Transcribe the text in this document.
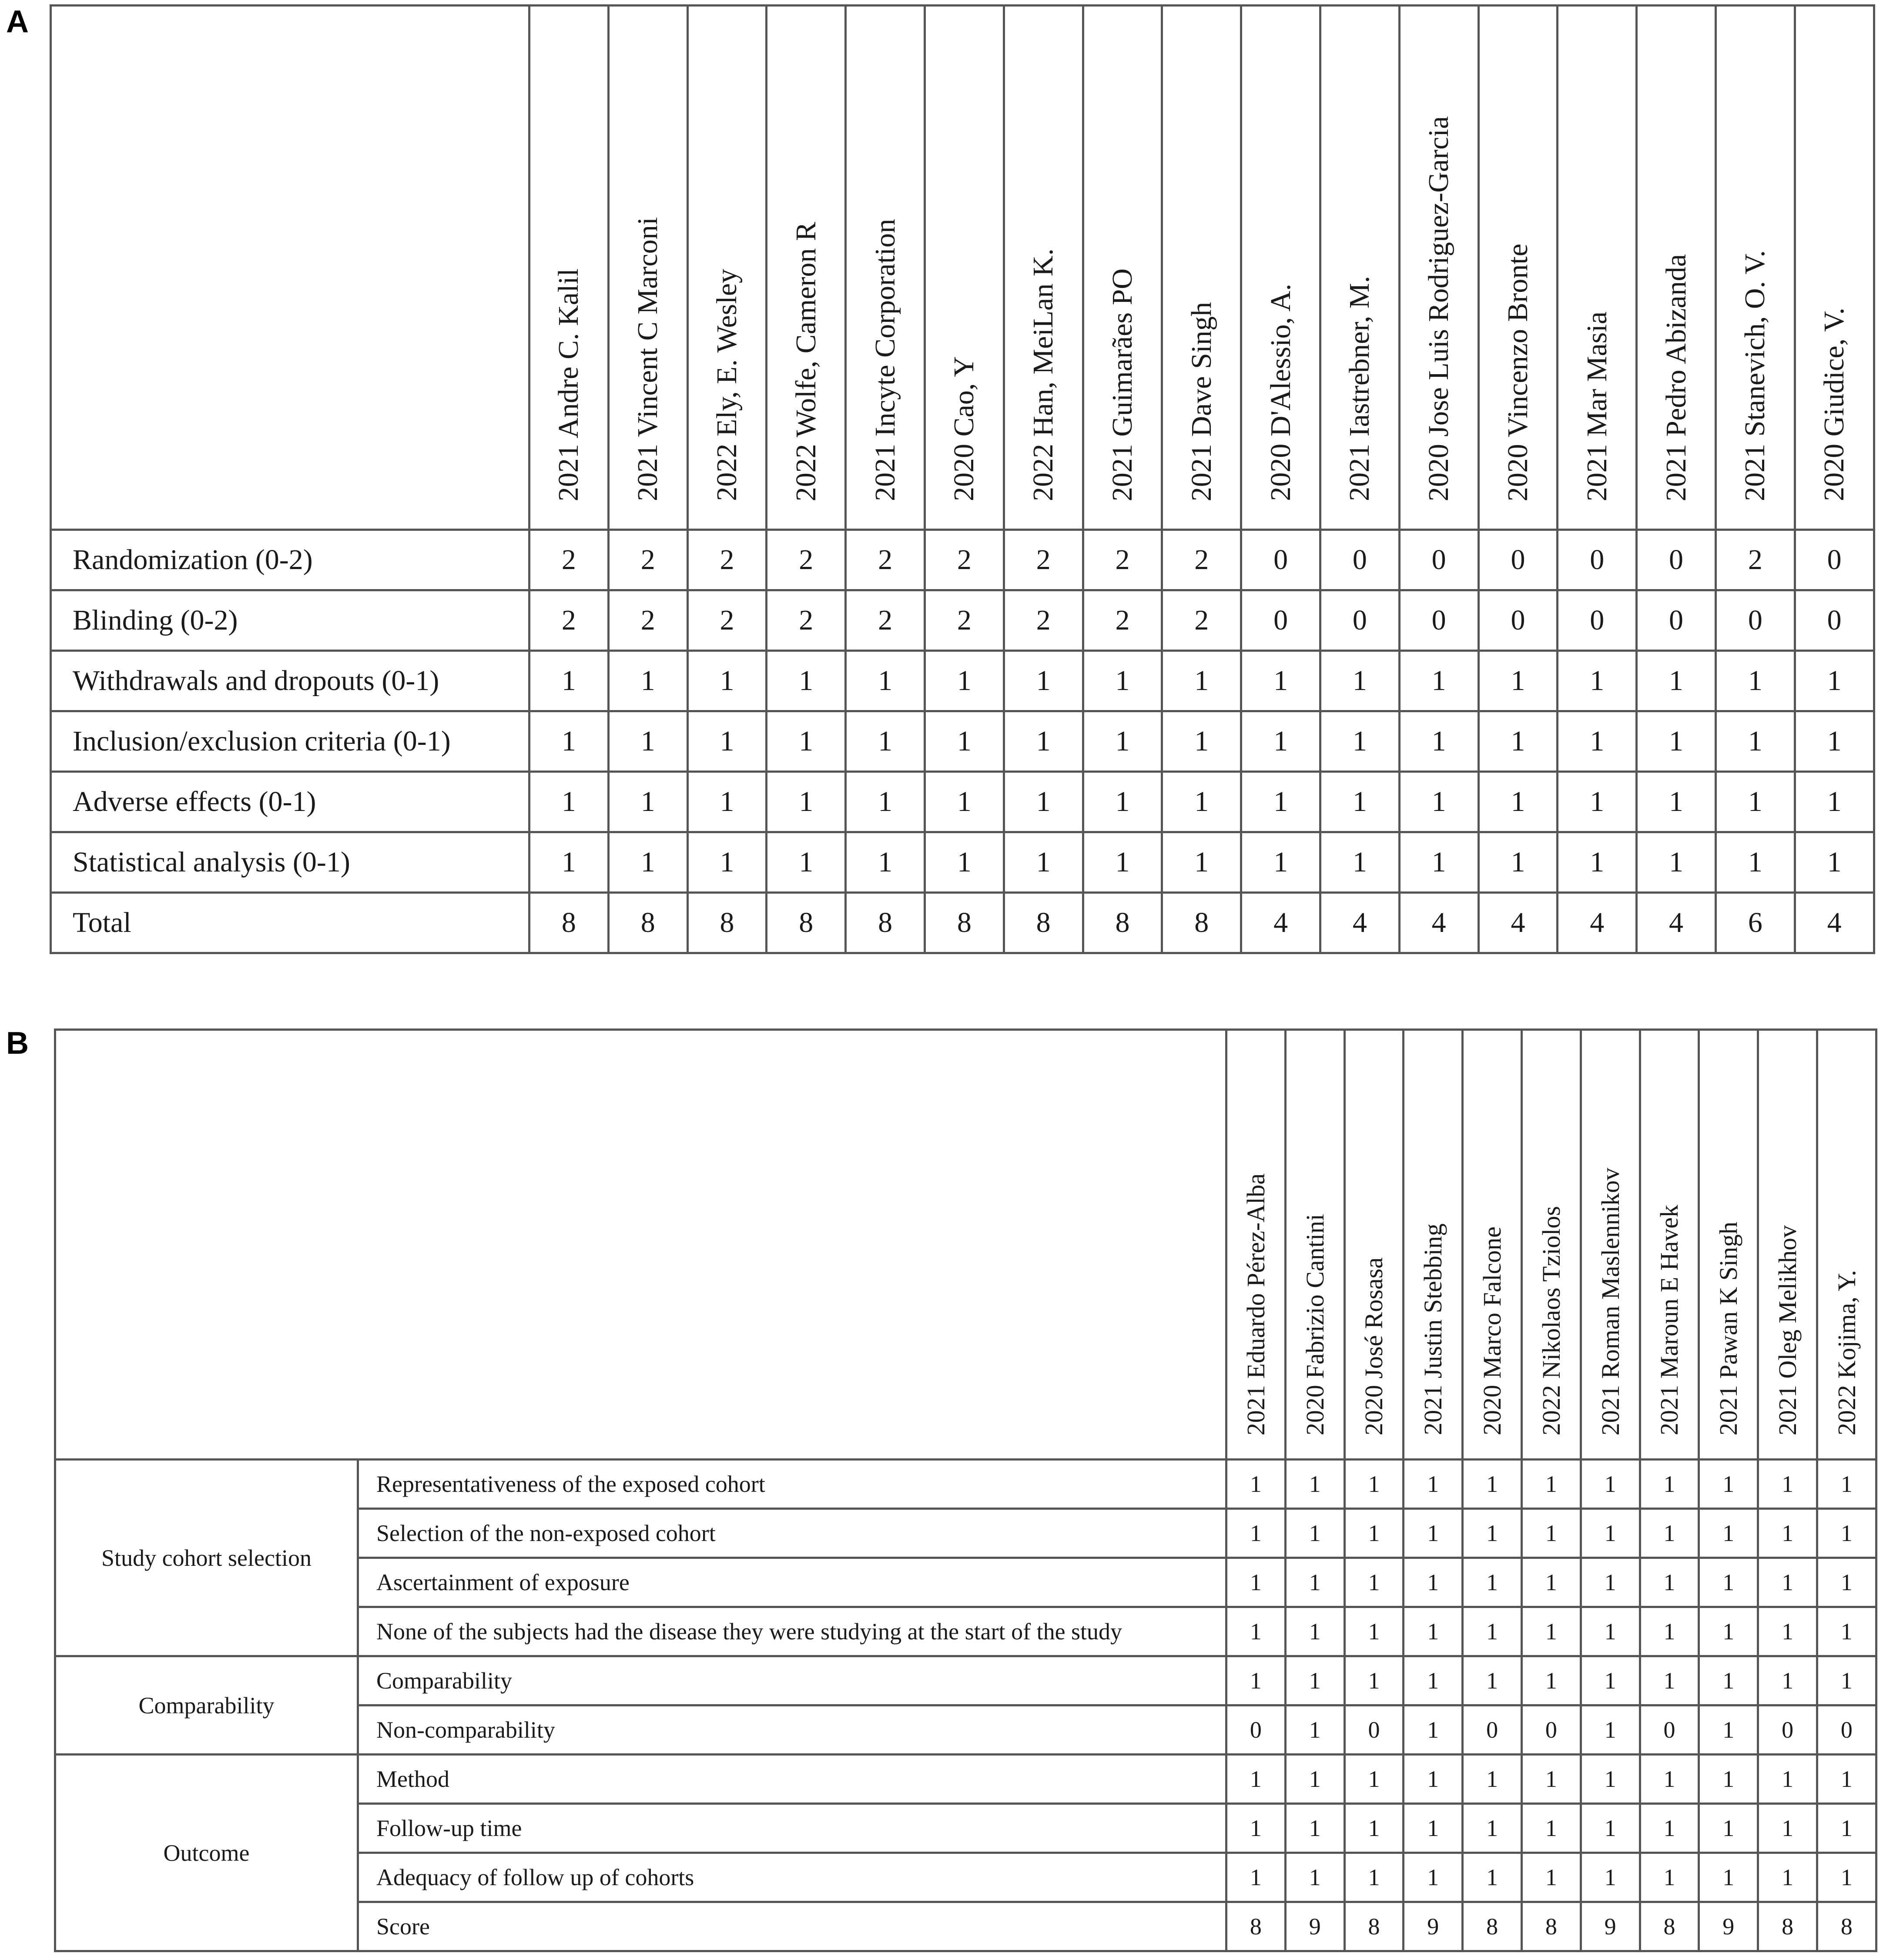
A
	2021 Andre C. Kalil	2021 Vincent C Marconi	2022 Ely, E. Wesley	2022 Wolfe, Cameron R	2021 Incyte Corporation	2020 Cao, Y	2022 Han, MeiLan K.	2021 Guimarães PO	2021 Dave Singh	2020 D'Alessio, A.	2021 Iastrebner, M.	2020 Jose Luis Rodriguez-Garcia	2020 Vincenzo Bronte	2021 Mar Masia	2021 Pedro Abizanda	2021 Stanevich, O. V.	2020 Giudice, V.
Randomization (0-2)	2	2	2	2	2	2	2	2	2	0	0	0	0	0	0	2	0
Blinding (0-2)	2	2	2	2	2	2	2	2	2	0	0	0	0	0	0	0	0
Withdrawals and dropouts (0-1)	1	1	1	1	1	1	1	1	1	1	1	1	1	1	1	1	1
Inclusion/exclusion criteria (0-1)	1	1	1	1	1	1	1	1	1	1	1	1	1	1	1	1	1
Adverse effects (0-1)	1	1	1	1	1	1	1	1	1	1	1	1	1	1	1	1	1
Statistical analysis (0-1)	1	1	1	1	1	1	1	1	1	1	1	1	1	1	1	1	1
Total	8	8	8	8	8	8	8	8	8	4	4	4	4	4	4	6	4
B
		2021 Eduardo Pérez-Alba	2020 Fabrizio Cantini	2020 José Rosasa	2021 Justin Stebbing	2020 Marco Falcone	2022 Nikolaos Tziolos	2021 Roman Maslennikov	2021 Maroun E Havek	2021 Pawan K Singh	2021 Oleg Melikhov	2022 Kojima, Y.
Study cohort selection	Representativeness of the exposed cohort	1	1	1	1	1	1	1	1	1	1	1
	Selection of the non-exposed cohort	1	1	1	1	1	1	1	1	1	1	1
	Ascertainment of exposure	1	1	1	1	1	1	1	1	1	1	1
	None of the subjects had the disease they were studying at the start of the study	1	1	1	1	1	1	1	1	1	1	1
Comparability	Comparability	1	1	1	1	1	1	1	1	1	1	1
	Non-comparability	0	1	0	1	0	0	1	0	1	0	0
Outcome	Method	1	1	1	1	1	1	1	1	1	1	1
	Follow-up time	1	1	1	1	1	1	1	1	1	1	1
	Adequacy of follow up of cohorts	1	1	1	1	1	1	1	1	1	1	1
	Score	8	9	8	9	8	8	9	8	9	8	8
